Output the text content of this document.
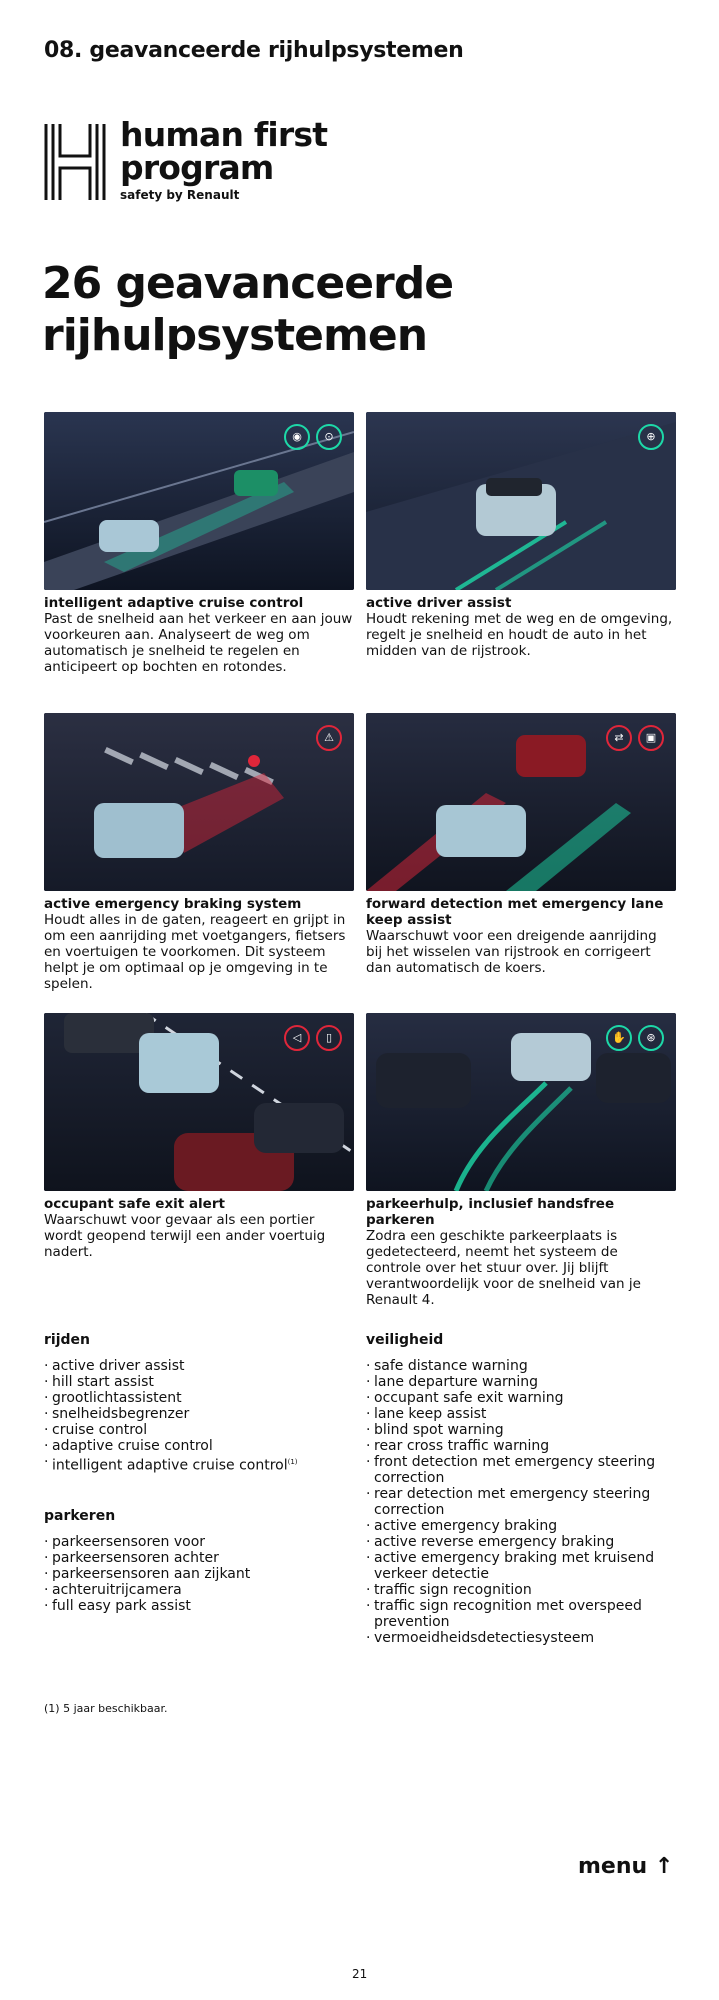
08. geavanceerde rijhulpsystemen
human first
program
safety by Renault
26 geavanceerde
rijhulpsystemen
◉	⊙
intelligent adaptive cruise control
Past de snelheid aan het verkeer en aan jouw voorkeuren aan. Analyseert de weg om automatisch je snelheid te regelen en anticipeert op bochten en rotondes.
⊕
active driver assist
Houdt rekening met de weg en de omgeving, regelt je snelheid en houdt de auto in het midden van de rijstrook.
⚠
active emergency braking system
Houdt alles in de gaten, reageert en grijpt in om een aanrijding met voetgangers, fietsers en voertuigen te voorkomen. Dit systeem helpt je om optimaal op je omgeving in te spelen.
⇄	▣
forward detection met emergency lane keep assist
Waarschuwt voor een dreigende aanrijding bij het wisselen van rijstrook en corrigeert dan automatisch de koers.
◁	▯
occupant safe exit alert
Waarschuwt voor gevaar als een portier wordt geopend terwijl een ander voertuig nadert.
✋	⊛
parkeerhulp, inclusief handsfree parkeren
Zodra een geschikte parkeerplaats is gedetecteerd, neemt het systeem de controle over het stuur over. Jij blijft verantwoordelijk voor de snelheid van je Renault 4.
rijden
· active driver assist
· hill start assist
· grootlichtassistent
· snelheidsbegrenzer
· cruise control
· adaptive cruise control
· intelligent adaptive cruise control$^{(1)}$
parkeren
· parkeersensoren voor
· parkeersensoren achter
· parkeersensoren aan zijkant
· achteruitrijcamera
· full easy park assist
veiligheid
· safe distance warning
· lane departure warning
· occupant safe exit warning
· lane keep assist
· blind spot warning
· rear cross traffic warning
· front detection met emergency steering correction
· rear detection met emergency steering correction
· active emergency braking
· active reverse emergency braking
· active emergency braking met kruisend verkeer detectie
· traffic sign recognition
· traffic sign recognition met overspeed prevention
· vermoeidheidsdetectiesysteem
(1) 5 jaar beschikbaar.
menu ↑
21
